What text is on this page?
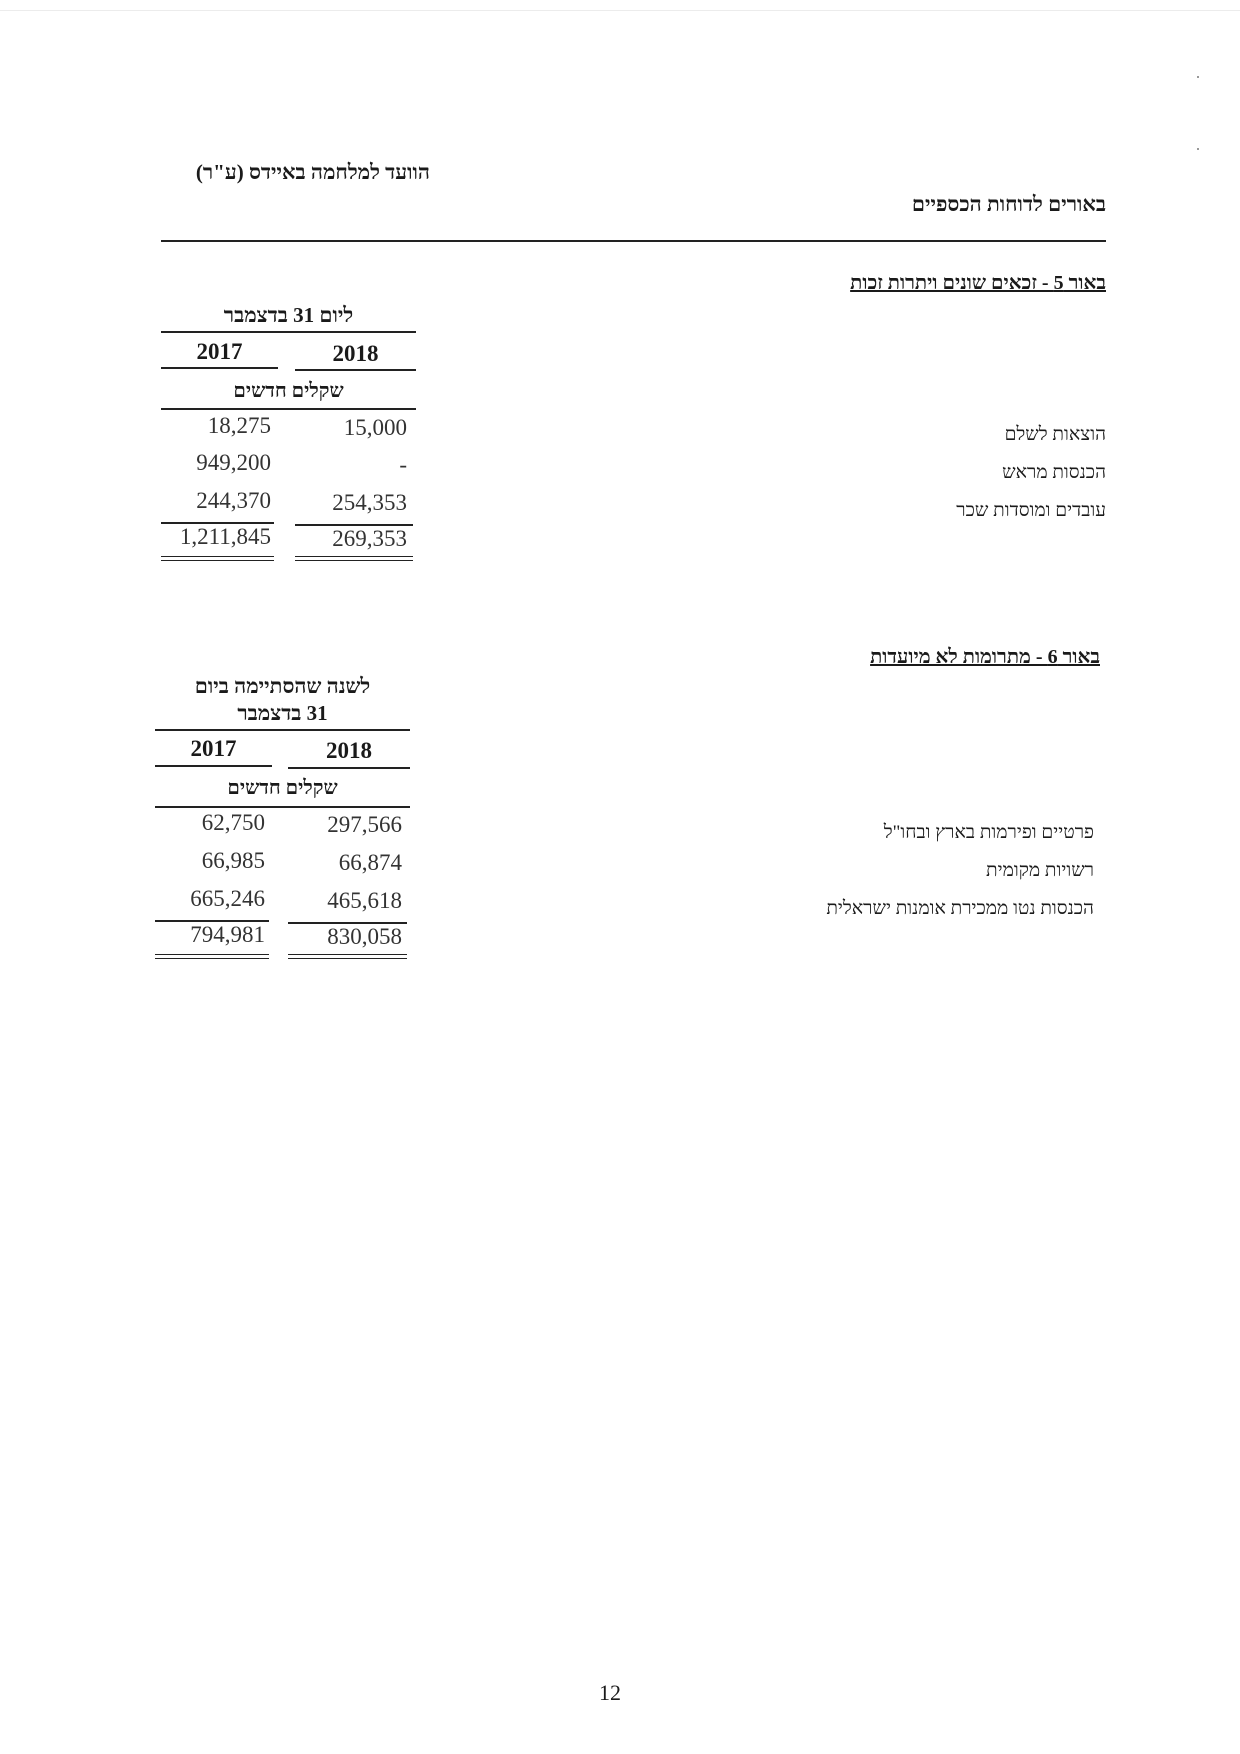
הוועד למלחמה באיידס (ע"ר)
באורים לדוחות הכספיים
באור 5 - זכאים שונים ויתרות זכות
ליום 31 בדצמבר
2018
2017
שקלים חדשים
הוצאות לשלם
15,000
18,275
הכנסות מראש
-
949,200
עובדים ומוסדות שכר
254,353
244,370
269,353
1,211,845
באור 6 - מתרומות לא מיועדות
לשנה שהסתיימה ביום
31 בדצמבר
2018
2017
שקלים חדשים
פרטיים ופירמות בארץ ובחו"ל
297,566
62,750
רשויות מקומית
66,874
66,985
הכנסות נטו ממכירת אומנות ישראלית
465,618
665,246
830,058
794,981
12
